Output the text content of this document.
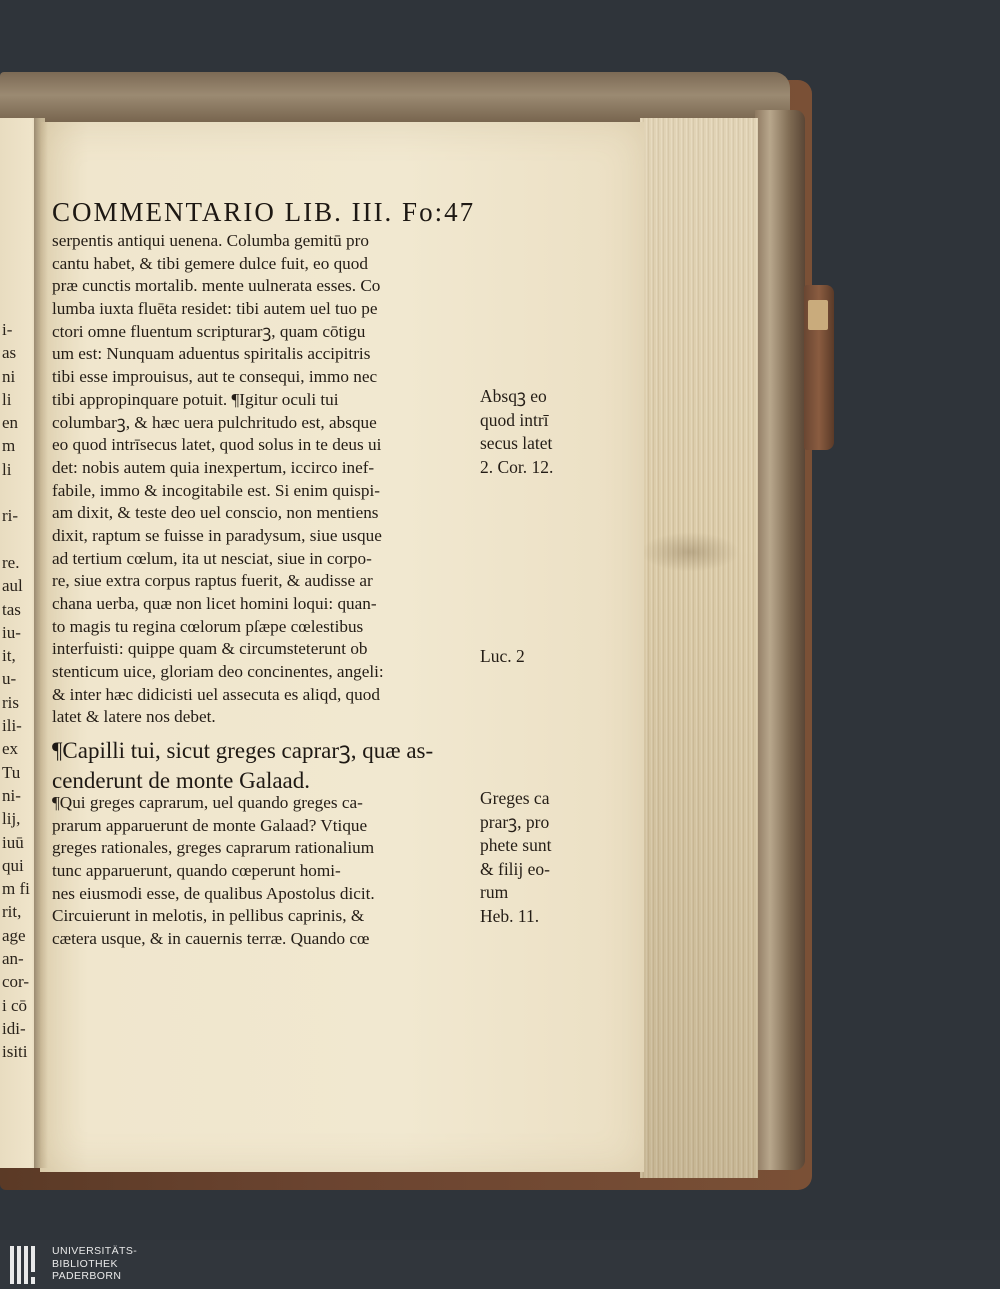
i-
as
ni
li
en
m
li
ri-
re.
aul
tas
iu-
it,
u-
ris
ili-
ex
Tu
ni-
lij,
iuū
qui
m fi
rit,
age
an-
cor-
i cō
idi-
isiti
COMMENTARIO LIB. III. Fo:47
serpentis antiqui uenena. Columba gemitū pro
cantu habet, & tibi gemere dulce fuit, eo quod
præ cunctis mortalib. mente uulnerata esses. Co
lumba iuxta fluēta residet: tibi autem uel tuo pe
ctori omne fluentum scripturarꝫ, quam cōtigu
um est: Nunquam aduentus spiritalis accipitris
tibi esse improuisus, aut te consequi, immo nec
tibi appropinquare potuit. ¶Igitur oculi tui
columbarꝫ, & hæc uera pulchritudo est, absque
eo quod intrīsecus latet, quod solus in te deus ui
det: nobis autem quia inexpertum, iccirco inef-
fabile, immo & incogitabile est. Si enim quispi-
am dixit, & teste deo uel conscio, non mentiens
dixit, raptum se fuisse in paradysum, siue usque
ad tertium cœlum, ita ut nesciat, siue in corpo-
re, siue extra corpus raptus fuerit, & audisse ar
chana uerba, quæ non licet homini loqui: quan-
to magis tu regina cœlorum pſæpe cœlestibus
interfuisti: quippe quam & circumsteterunt ob
stenticum uice, gloriam deo concinentes, angeli:
& inter hæc didicisti uel assecuta es aliqd, quod
latet & latere nos debet.
¶Capilli tui, sicut greges caprarꝫ, quæ as-
cenderunt de monte Galaad.
¶Qui greges caprarum, uel quando greges ca-
prarum apparuerunt de monte Galaad? Vtique
greges rationales, greges caprarum rationalium
tunc apparuerunt, quando cœperunt homi-
nes eiusmodi esse, de qualibus Apostolus dicit.
Circuierunt in melotis, in pellibus caprinis, &
cætera usque, & in cauernis terræ. Quando cœ
Absqꝫ eo
quod intrī
secus latet
2. Cor. 12.
Luc. 2
Greges ca
prarꝫ, pro
phete sunt
& filij eo-
rum
Heb. 11.
UNIVERSITÄTS-
BIBLIOTHEK
PADERBORN
